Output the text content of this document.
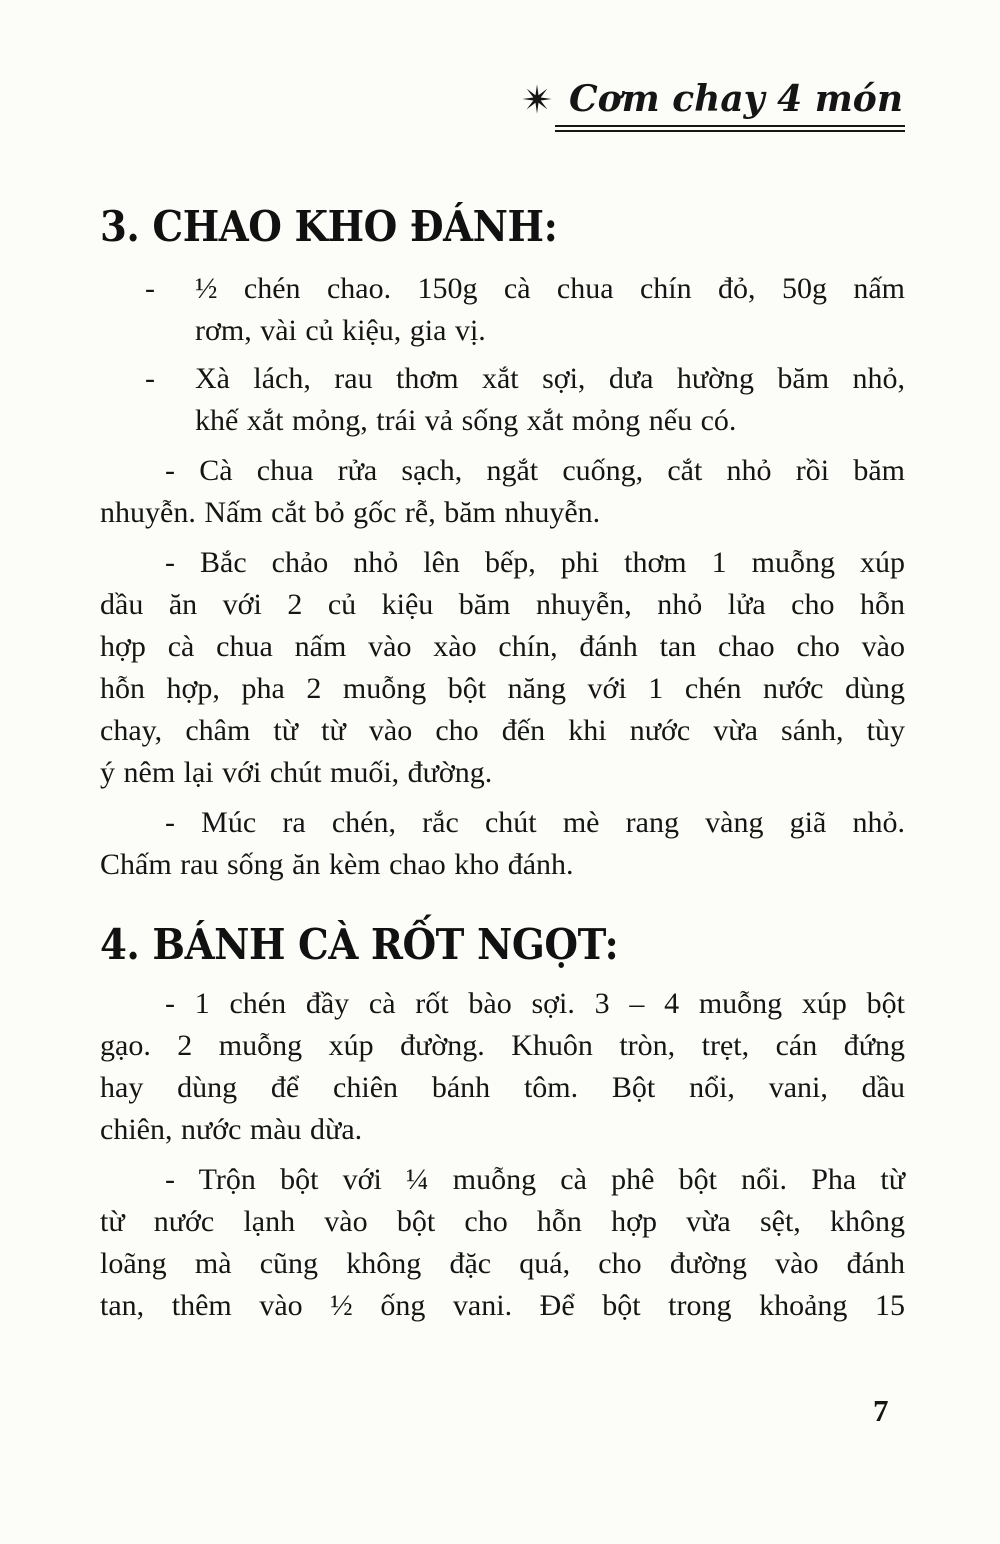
Cơm chay 4 món
3. CHAO KHO ĐÁNH:
- ½ chén chao. 150g cà chua chín đỏ, 50g nấm
rơm, vài củ kiệu, gia vị.
- Xà lách, rau thơm xắt sợi, dưa hường băm nhỏ,
khế xắt mỏng, trái vả sống xắt mỏng nếu có.
- Cà chua rửa sạch, ngắt cuống, cắt nhỏ rồi băm
nhuyễn. Nấm cắt bỏ gốc rễ, băm nhuyễn.
- Bắc chảo nhỏ lên bếp, phi thơm 1 muỗng xúp
dầu ăn với 2 củ kiệu băm nhuyễn, nhỏ lửa cho hỗn
hợp cà chua nấm vào xào chín, đánh tan chao cho vào
hỗn hợp, pha 2 muỗng bột năng với 1 chén nước dùng
chay, châm từ từ vào cho đến khi nước vừa sánh, tùy
ý nêm lại với chút muối, đường.
- Múc ra chén, rắc chút mè rang vàng giã nhỏ.
Chấm rau sống ăn kèm chao kho đánh.
4. BÁNH CÀ RỐT NGỌT:
- 1 chén đầy cà rốt bào sợi. 3 – 4 muỗng xúp bột
gạo. 2 muỗng xúp đường. Khuôn tròn, trẹt, cán đứng
hay dùng để chiên bánh tôm. Bột nổi, vani, dầu
chiên, nước màu dừa.
- Trộn bột với ¼ muỗng cà phê bột nổi. Pha từ
từ nước lạnh vào bột cho hỗn hợp vừa sệt, không
loãng mà cũng không đặc quá, cho đường vào đánh
tan, thêm vào ½ ống vani. Để bột trong khoảng 15
7
